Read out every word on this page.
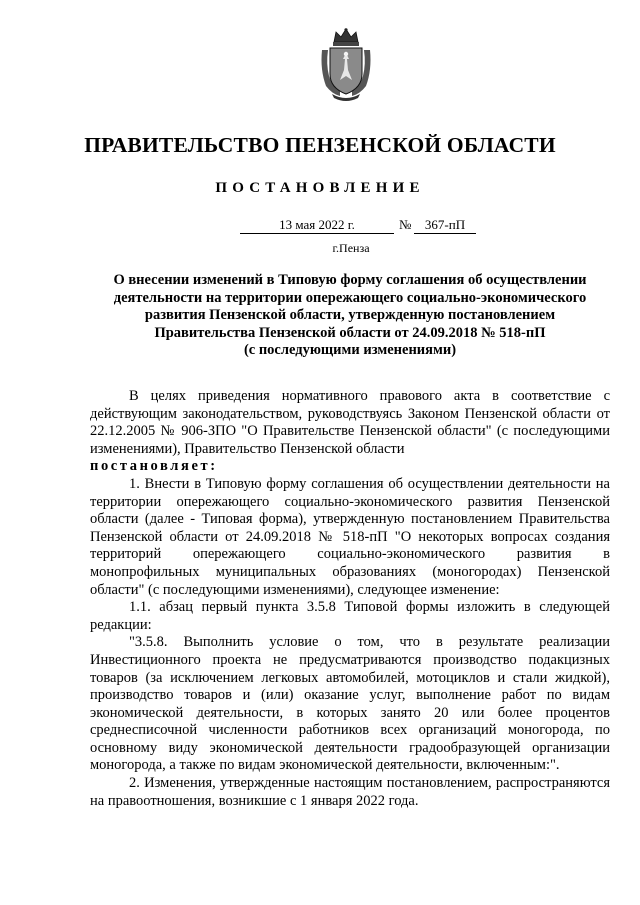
ПРАВИТЕЛЬСТВО ПЕНЗЕНСКОЙ ОБЛАСТИ
ПОСТАНОВЛЕНИЕ
13 мая 2022 г.	№	367-пП
г.Пенза
О внесении изменений в Типовую форму соглашения об осуществлении
деятельности на территории опережающего социально-экономического
развития Пензенской области, утвержденную постановлением
Правительства Пензенской области от 24.09.2018 № 518-пП
(с последующими изменениями)

В целях приведения нормативного правового акта в соответствие с действующим законодательством, руководствуясь Законом Пензенской области от 22.12.2005 № 906-ЗПО "О Правительстве Пензенской области" (с последующими изменениями), Правительство Пензенской области

постановляет:

1. Внести в Типовую форму соглашения об осуществлении деятельности на территории опережающего социально-экономического развития Пензенской области (далее - Типовая форма), утвержденную постановлением Правительства Пензенской области от 24.09.2018 № 518-пП "О некоторых вопросах создания территорий опережающего социально-экономического развития в монопрофильных муниципальных образованиях (моногородах) Пензенской области" (с последующими изменениями), следующее изменение:

1.1. абзац первый пункта 3.5.8 Типовой формы изложить в следующей редакции:

"3.5.8. Выполнить условие о том, что в результате реализации Инвестиционного проекта не предусматриваются производство подакцизных товаров (за исключением легковых автомобилей, мотоциклов и стали жидкой), производство товаров и (или) оказание услуг, выполнение работ по видам экономической деятельности, в которых занято 20 или более процентов среднесписочной численности работников всех организаций моногорода, по основному виду экономической деятельности градообразующей организации моногорода, а также по видам экономической деятельности, включенным:".

2. Изменения, утвержденные настоящим постановлением, распространяются на правоотношения, возникшие с 1 января 2022 года.
